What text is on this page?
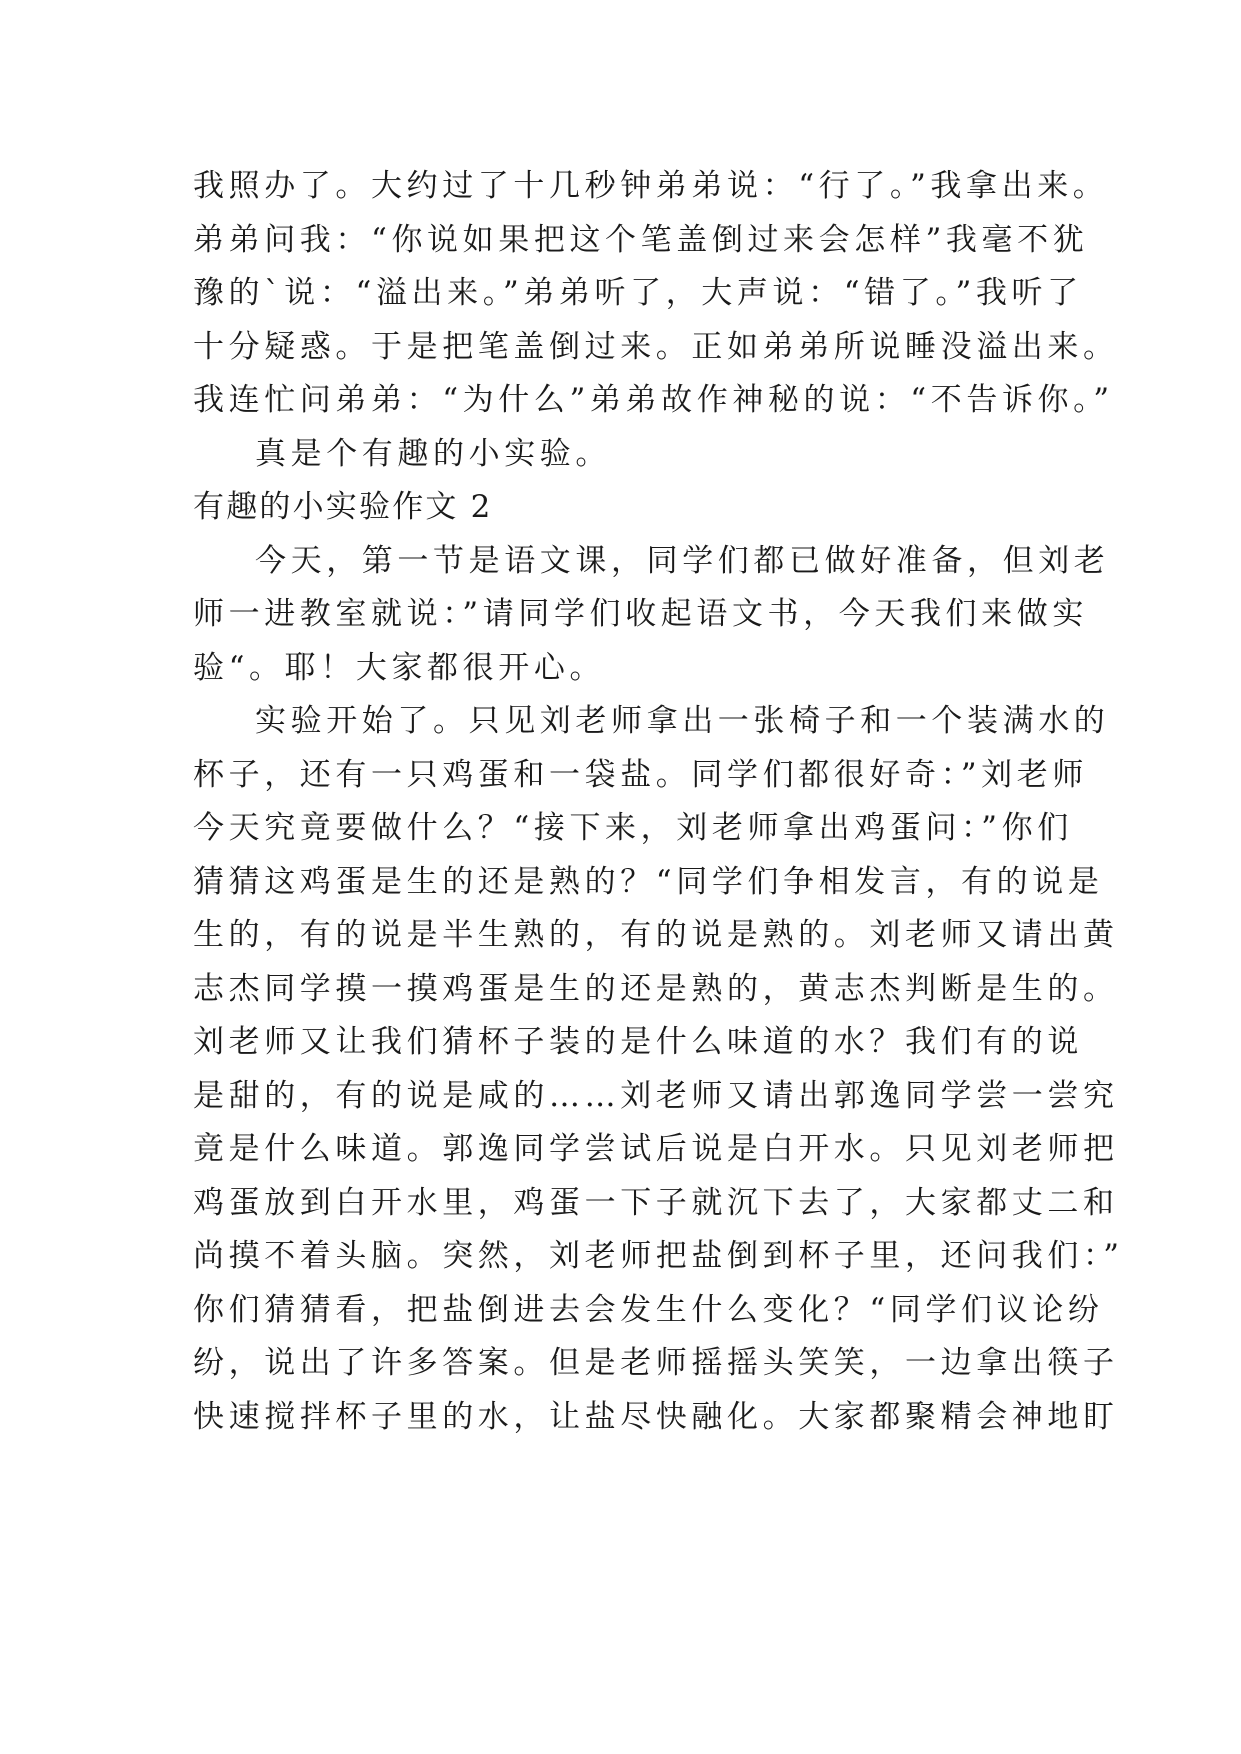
我照办了。大约过了十几秒钟弟弟说：“行了。”我拿出来。
弟弟问我：“你说如果把这个笔盖倒过来会怎样”我毫不犹
豫的`说：“溢出来。”弟弟听了，大声说：“错了。”我听了
十分疑惑。于是把笔盖倒过来。正如弟弟所说睡没溢出来。
我连忙问弟弟：“为什么”弟弟故作神秘的说：“不告诉你。”
真是个有趣的小实验。
有趣的小实验作文 2
今天，第一节是语文课，同学们都已做好准备，但刘老
师一进教室就说：”请同学们收起语文书，今天我们来做实
验“。耶！大家都很开心。
实验开始了。只见刘老师拿出一张椅子和一个装满水的
杯子，还有一只鸡蛋和一袋盐。同学们都很好奇：”刘老师
今天究竟要做什么？“接下来，刘老师拿出鸡蛋问：”你们
猜猜这鸡蛋是生的还是熟的？“同学们争相发言，有的说是
生的，有的说是半生熟的，有的说是熟的。刘老师又请出黄
志杰同学摸一摸鸡蛋是生的还是熟的，黄志杰判断是生的。
刘老师又让我们猜杯子装的是什么味道的水？我们有的说
是甜的，有的说是咸的……刘老师又请出郭逸同学尝一尝究
竟是什么味道。郭逸同学尝试后说是白开水。只见刘老师把
鸡蛋放到白开水里，鸡蛋一下子就沉下去了，大家都丈二和
尚摸不着头脑。突然，刘老师把盐倒到杯子里，还问我们：”
你们猜猜看，把盐倒进去会发生什么变化？“同学们议论纷
纷，说出了许多答案。但是老师摇摇头笑笑，一边拿出筷子
快速搅拌杯子里的水，让盐尽快融化。大家都聚精会神地盯
